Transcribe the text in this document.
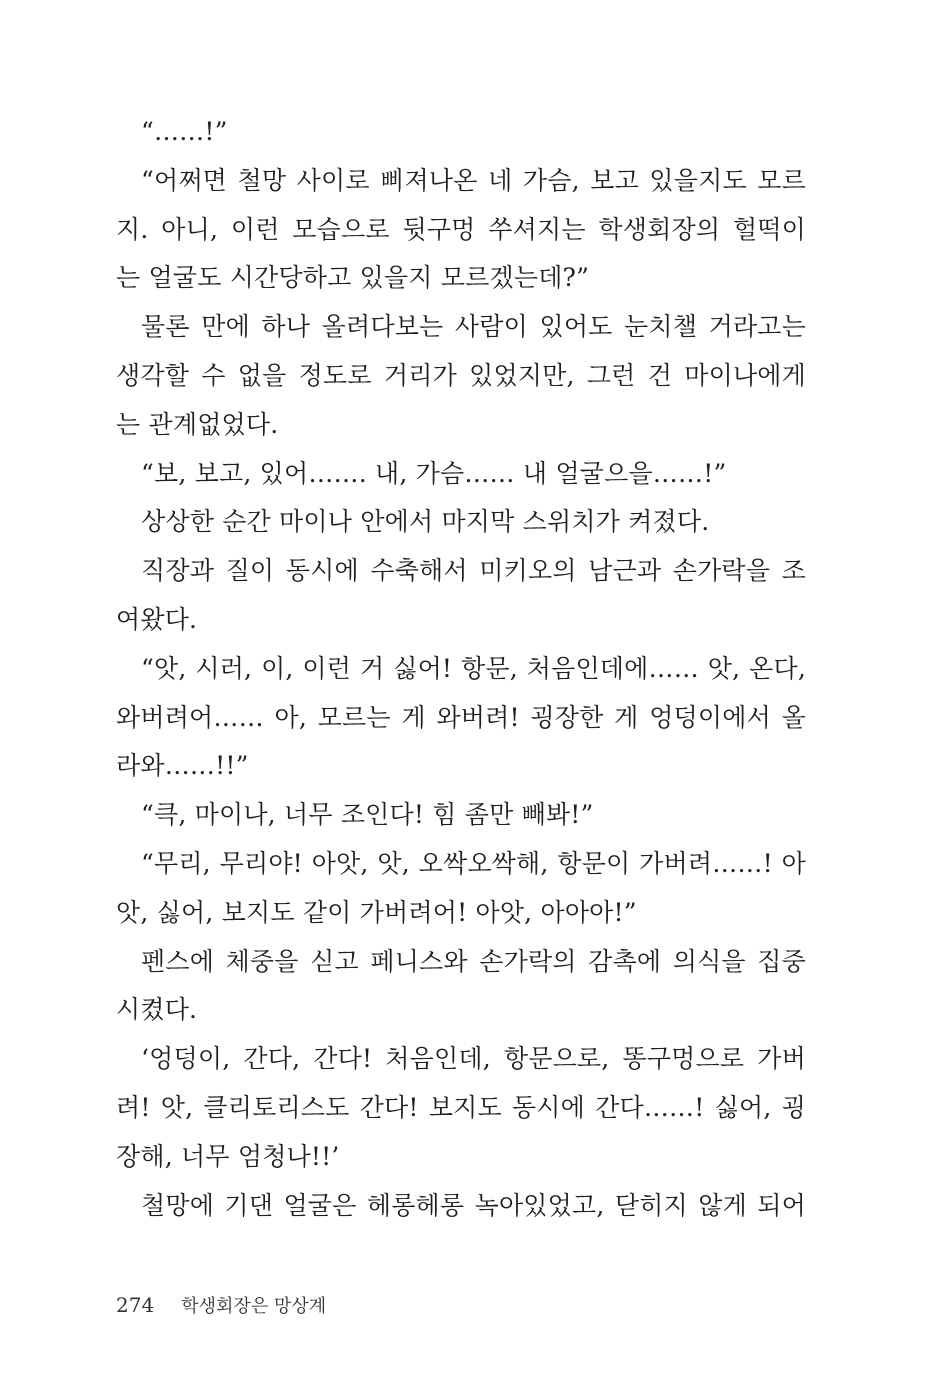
“……!”
“어쩌면 철망 사이로 삐져나온 네 가슴, 보고 있을지도 모르
지. 아니, 이런 모습으로 뒷구멍 쑤셔지는 학생회장의 헐떡이
는 얼굴도 시간당하고 있을지 모르겠는데?”
물론 만에 하나 올려다보는 사람이 있어도 눈치챌 거라고는
생각할 수 없을 정도로 거리가 있었지만, 그런 건 마이나에게
는 관계없었다.
“보, 보고, 있어……. 내, 가슴…… 내 얼굴으을……!”
상상한 순간 마이나 안에서 마지막 스위치가 켜졌다.
직장과 질이 동시에 수축해서 미키오의 남근과 손가락을 조
여왔다.
“앗, 시러, 이, 이런 거 싫어! 항문, 처음인데에…… 앗, 온다,
와버려어…… 아, 모르는 게 와버려! 굉장한 게 엉덩이에서 올
라와……!!”
“큭, 마이나, 너무 조인다! 힘 좀만 빼봐!”
“무리, 무리야! 아앗, 앗, 오싹오싹해, 항문이 가버려……! 아
앗, 싫어, 보지도 같이 가버려어! 아앗, 아아아!”
펜스에 체중을 싣고 페니스와 손가락의 감촉에 의식을 집중
시켰다.
‘엉덩이, 간다, 간다! 처음인데, 항문으로, 똥구멍으로 가버
려! 앗, 클리토리스도 간다! 보지도 동시에 간다……! 싫어, 굉
장해, 너무 엄청나!!’
철망에 기댄 얼굴은 헤롱헤롱 녹아있었고, 닫히지 않게 되어
274 학생회장은 망상계
